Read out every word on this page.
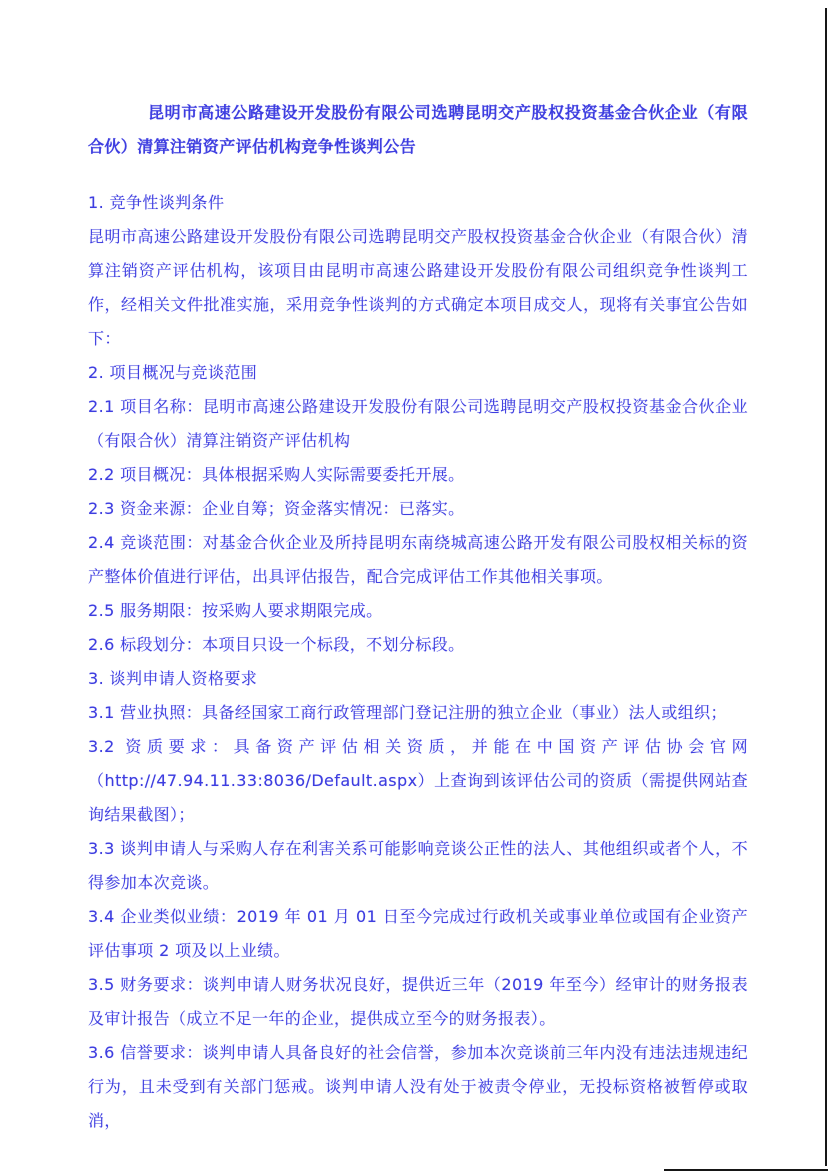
昆明市高速公路建设开发股份有限公司选聘昆明交产股权投资基金合伙企业（有限合伙）清算注销资产评估机构竞争性谈判公告

1. 竞争性谈判条件

昆明市高速公路建设开发股份有限公司选聘昆明交产股权投资基金合伙企业（有限合伙）清算注销资产评估机构，该项目由昆明市高速公路建设开发股份有限公司组织竞争性谈判工作，经相关文件批准实施，采用竞争性谈判的方式确定本项目成交人，现将有关事宜公告如下：

2. 项目概况与竞谈范围

2.1 项目名称：昆明市高速公路建设开发股份有限公司选聘昆明交产股权投资基金合伙企业（有限合伙）清算注销资产评估机构

2.2 项目概况：具体根据采购人实际需要委托开展。

2.3 资金来源：企业自筹；资金落实情况：已落实。

2.4 竞谈范围：对基金合伙企业及所持昆明东南绕城高速公路开发有限公司股权相关标的资产整体价值进行评估，出具评估报告，配合完成评估工作其他相关事项。

2.5 服务期限：按采购人要求期限完成。

2.6 标段划分：本项目只设一个标段，不划分标段。

3. 谈判申请人资格要求

3.1 营业执照：具备经国家工商行政管理部门登记注册的独立企业（事业）法人或组织；

3.2 资质要求：具备资产评估相关资质，并能在中国资产评估协会官网（http://47.94.11.33:8036/Default.aspx）上查询到该评估公司的资质（需提供网站查询结果截图）；

3.3 谈判申请人与采购人存在利害关系可能影响竞谈公正性的法人、其他组织或者个人，不得参加本次竞谈。

3.4 企业类似业绩：2019 年 01 月 01 日至今完成过行政机关或事业单位或国有企业资产评估事项 2 项及以上业绩。

3.5 财务要求：谈判申请人财务状况良好，提供近三年（2019 年至今）经审计的财务报表及审计报告（成立不足一年的企业，提供成立至今的财务报表）。

3.6 信誉要求：谈判申请人具备良好的社会信誉，参加本次竞谈前三年内没有违法违规违纪行为，且未受到有关部门惩戒。谈判申请人没有处于被责令停业，无投标资格被暂停或取消，
